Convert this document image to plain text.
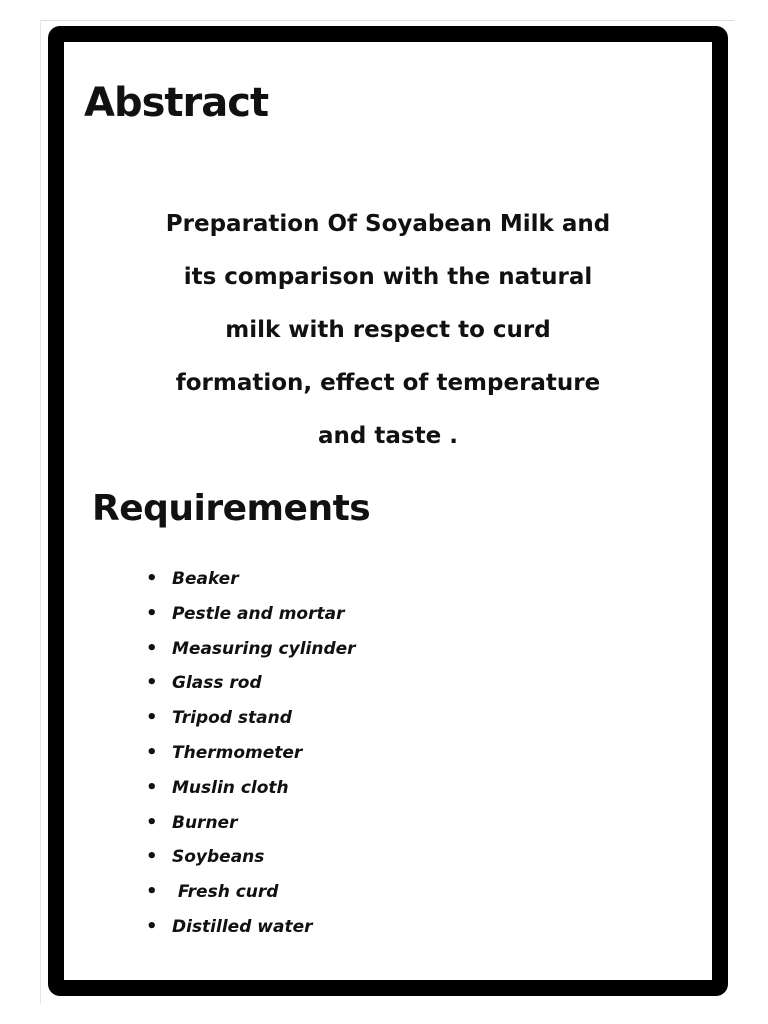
Abstract
Preparation Of Soyabean Milk and
its comparison with the natural
milk with respect to curd
formation, effect of temperature
and taste .
Requirements
• Beaker
• Pestle and mortar
• Measuring cylinder
• Glass rod
• Tripod stand
• Thermometer
• Muslin cloth
• Burner
• Soybeans
• Fresh curd
• Distilled water
